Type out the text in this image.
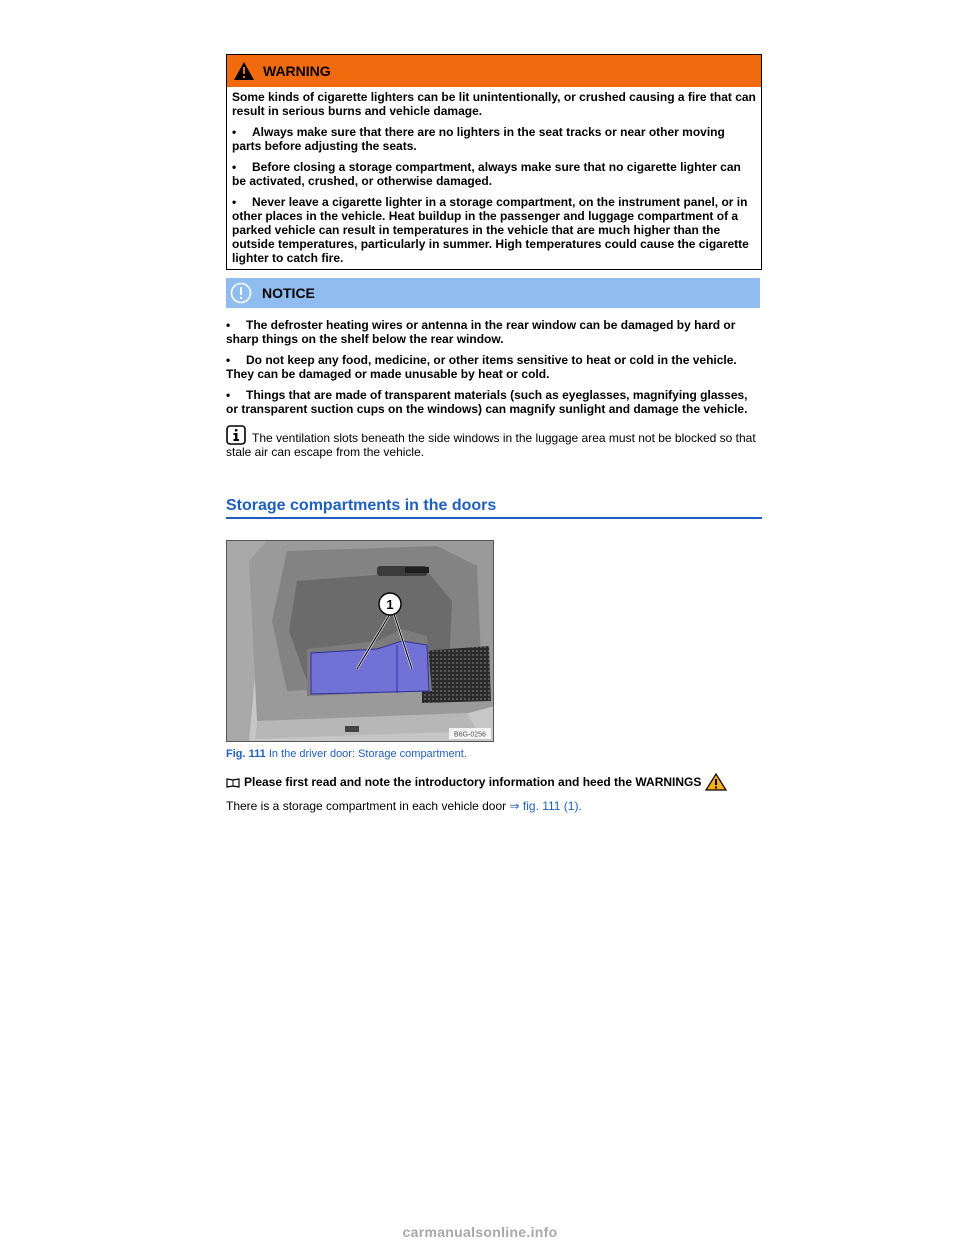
WARNING

Some kinds of cigarette lighters can be lit unintentionally, or crushed causing a fire that can result in serious burns and vehicle damage.

• Always make sure that there are no lighters in the seat tracks or near other moving parts before adjusting the seats.

• Before closing a storage compartment, always make sure that no cigarette lighter can be activated, crushed, or otherwise damaged.

• Never leave a cigarette lighter in a storage compartment, on the instrument panel, or in other places in the vehicle. Heat buildup in the passenger and luggage compartment of a parked vehicle can result in temperatures in the vehicle that are much higher than the outside temperatures, particularly in summer. High temperatures could cause the cigarette lighter to catch fire.

NOTICE

• The defroster heating wires or antenna in the rear window can be damaged by hard or sharp things on the shelf below the rear window.

• Do not keep any food, medicine, or other items sensitive to heat or cold in the vehicle. They can be damaged or made unusable by heat or cold.

• Things that are made of transparent materials (such as eyeglasses, magnifying glasses, or transparent suction cups on the windows) can magnify sunlight and damage the vehicle.

The ventilation slots beneath the side windows in the luggage area must not be blocked so that stale air can escape from the vehicle.
Storage compartments in the doors
1
B6G-0256
Fig. 111 In the driver door: Storage compartment.
Please first read and note the introductory information and heed the WARNINGS
There is a storage compartment in each vehicle door ⇒ fig. 111 (1).
carmanualsonline.info
